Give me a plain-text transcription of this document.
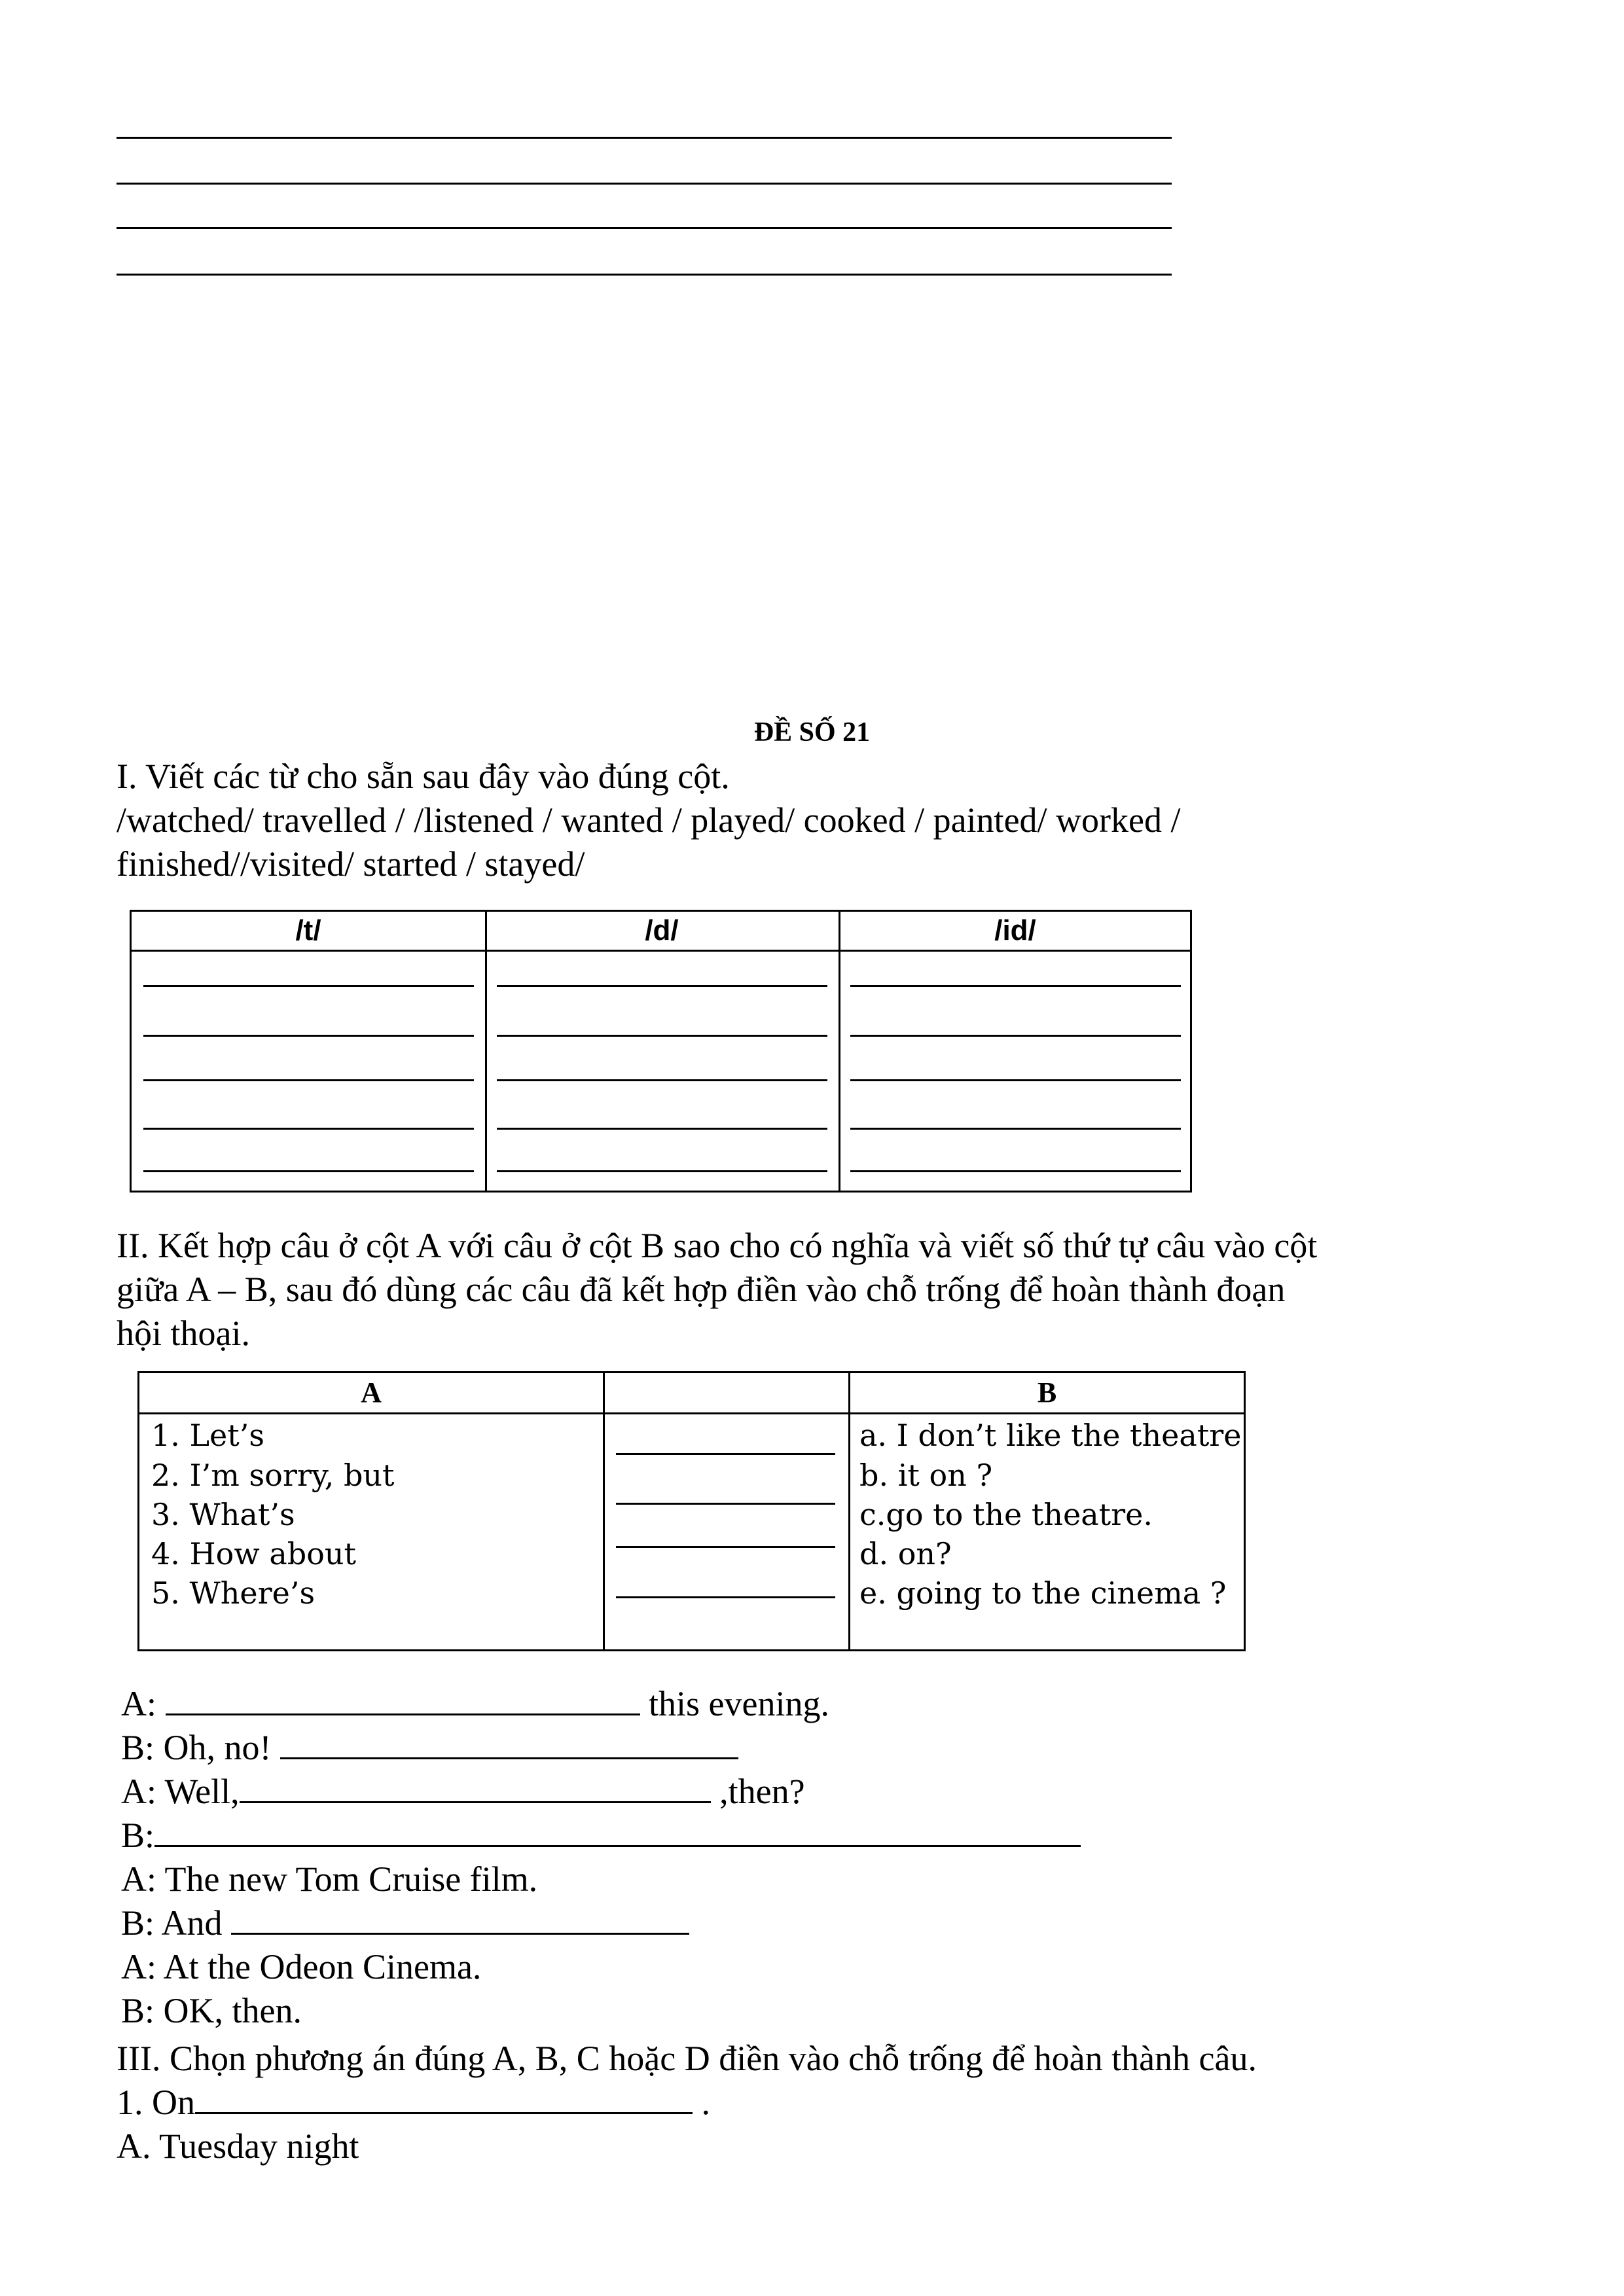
ĐỀ SỐ 21
I. Viết các từ cho sẵn sau đây vào đúng cột.
/watched/ travelled / /listened / wanted / played/ cooked / painted/ worked /
finished//visited/ started / stayed/
/t/	/d/	/id/
II. Kết hợp câu ở cột A với câu ở cột B sao cho có nghĩa và viết số thứ tự câu vào cột
giữa A – B, sau đó dùng các câu đã kết hợp điền vào chỗ trống để hoàn thành đoạn
hội thoại.
A	B
1. Let’s
2. I’m sorry, but
3. What’s
4. How about
5. Where’s
a. I don’t like the theatre
b. it on ?
c.go to the theatre.
d. on?
e. going to the cinema ?
A:	this evening.
B: Oh, no!
A: Well,	,then?
B:
A: The new Tom Cruise film.
B: And
A: At the Odeon Cinema.
B: OK, then.
III. Chọn phương án đúng A, B, C hoặc D điền vào chỗ trống để hoàn thành câu.
1. On	.
A. Tuesday night
